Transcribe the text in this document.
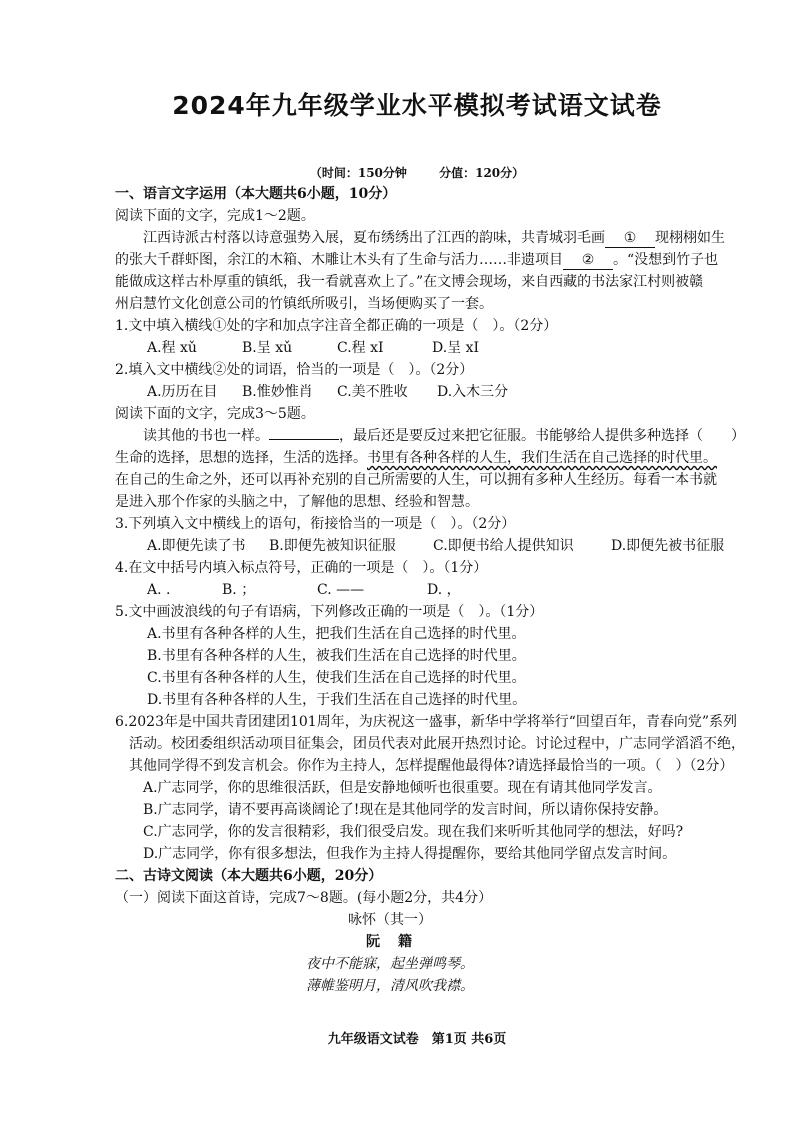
2024年九年级学业水平模拟考试语文试卷
（时间：150分钟	分值：120分）
一、语言文字运用（本大题共6小题，10分）
阅读下面的文字，完成1～2题。
江西诗派古村落以诗意强势入展，夏布绣绣出了江西的韵味，共青城羽毛画 ① 现栩栩如生
的张大千群虾图，余江的木箱、木雕让木头有了生命与活力……非遗项目 ② 。“没想到竹子也
能做成这样古朴厚重的镇纸，我一看就喜欢上了。”在文博会现场，来自西藏的书法家江村则被赣
州启慧竹文化创意公司的竹镇纸所吸引，当场便购买了一套。
1.文中填入横线①处的字和加点字注音全都正确的一项是（　）。（2分）
A.程 xǔ	B.呈 xǔ	C.程 xI	D.呈 xI
2.填入文中横线②处的词语，恰当的一项是（　）。（2分）
A.历历在目	B.惟妙惟肖	C.美不胜收	D.入木三分
阅读下面的文字，完成3～5题。
读其他的书也一样。	，最后还是要反过来把它征服。书能够给人提供多种选择（　　）
生命的选择，思想的选择，生活的选择。书里有各种各样的人生，我们生活在自己选择的时代里。
在自己的生命之外，还可以再补充别的自己所需要的人生，可以拥有多种人生经历。每看一本书就
是进入那个作家的头脑之中，了解他的思想、经验和智慧。
3.下列填入文中横线上的语句，衔接恰当的一项是（　）。（2分）
A.即便先读了书	B.即便先被知识征服	C.即便书给人提供知识	D.即便先被书征服
4.在文中括号内填入标点符号，正确的一项是（　）。（1分）
A. .	B. ；	C. ——	D. ，
5.文中画波浪线的句子有语病，下列修改正确的一项是（　）。（1分）
A.书里有各种各样的人生，把我们生活在自己选择的时代里。
B.书里有各种各样的人生，被我们生活在自己选择的时代里。
C.书里有各种各样的人生，使我们生活在自己选择的时代里。
D.书里有各种各样的人生，于我们生活在自己选择的时代里。
6.2023年是中国共青团建团101周年，为庆祝这一盛事，新华中学将举行“回望百年，青春向党”系列
活动。校团委组织活动项目征集会，团员代表对此展开热烈讨论。讨论过程中，广志同学滔滔不绝，
其他同学得不到发言机会。你作为主持人，怎样提醒他最得体?请选择最恰当的一项。（　）（2分）
A.广志同学，你的思维很活跃，但是安静地倾听也很重要。现在有请其他同学发言。
B.广志同学，请不要再高谈阔论了!现在是其他同学的发言时间，所以请你保持安静。
C.广志同学，你的发言很精彩，我们很受启发。现在我们来听听其他同学的想法，好吗?
D.广志同学，你有很多想法，但我作为主持人得提醒你，要给其他同学留点发言时间。
二、古诗文阅读（本大题共6小题，20分）
（一）阅读下面这首诗，完成7～8题。(每小题2分，共4分）
咏怀（其一）
阮　籍
夜中不能寐，起坐弹鸣琴。
薄帷鉴明月，清风吹我襟。
九年级语文试卷　第1页 共6页
